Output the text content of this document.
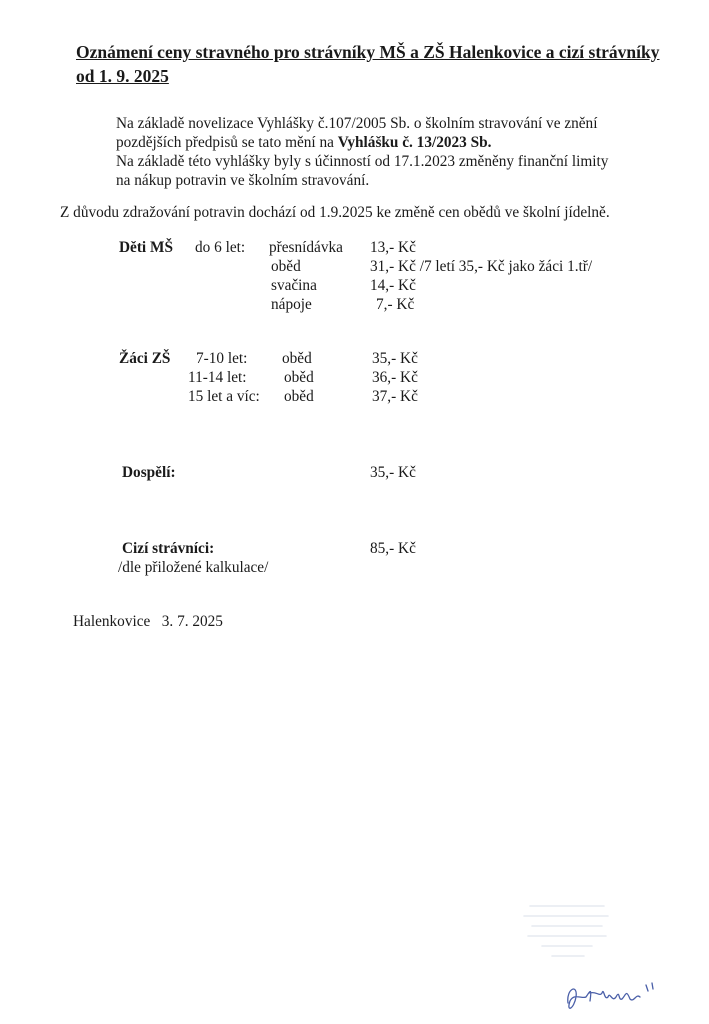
Oznámení ceny stravného pro strávníky MŠ a ZŠ Halenkovice a cizí strávníky od 1. 9. 2025
Na základě novelizace Vyhlášky č.107/2005 Sb. o školním stravování ve znění
pozdějších předpisů se tato mění na Vyhlášku č. 13/2023 Sb.
Na základě této vyhlášky byly s účinností od 17.1.2023 změněny finanční limity
na nákup potravin ve školním stravování.
Z důvodu zdražování potravin dochází od 1.9.2025 ke změně cen obědů ve školní jídelně.
Děti MŠ do 6 let: přesnídávka 13,- Kč
oběd	31,- Kč /7 letí 35,- Kč jako žáci 1.tř/
svačina	14,- Kč
nápoje	7,- Kč
Žáci ZŠ 7-10 let: oběd	35,- Kč
11-14 let: oběd	36,- Kč
15 let a víc: oběd	37,- Kč
Dospělí:	35,- Kč
Cizí strávníci:	85,- Kč
/dle přiložené kalkulace/
Halenkovice   3. 7. 2025
